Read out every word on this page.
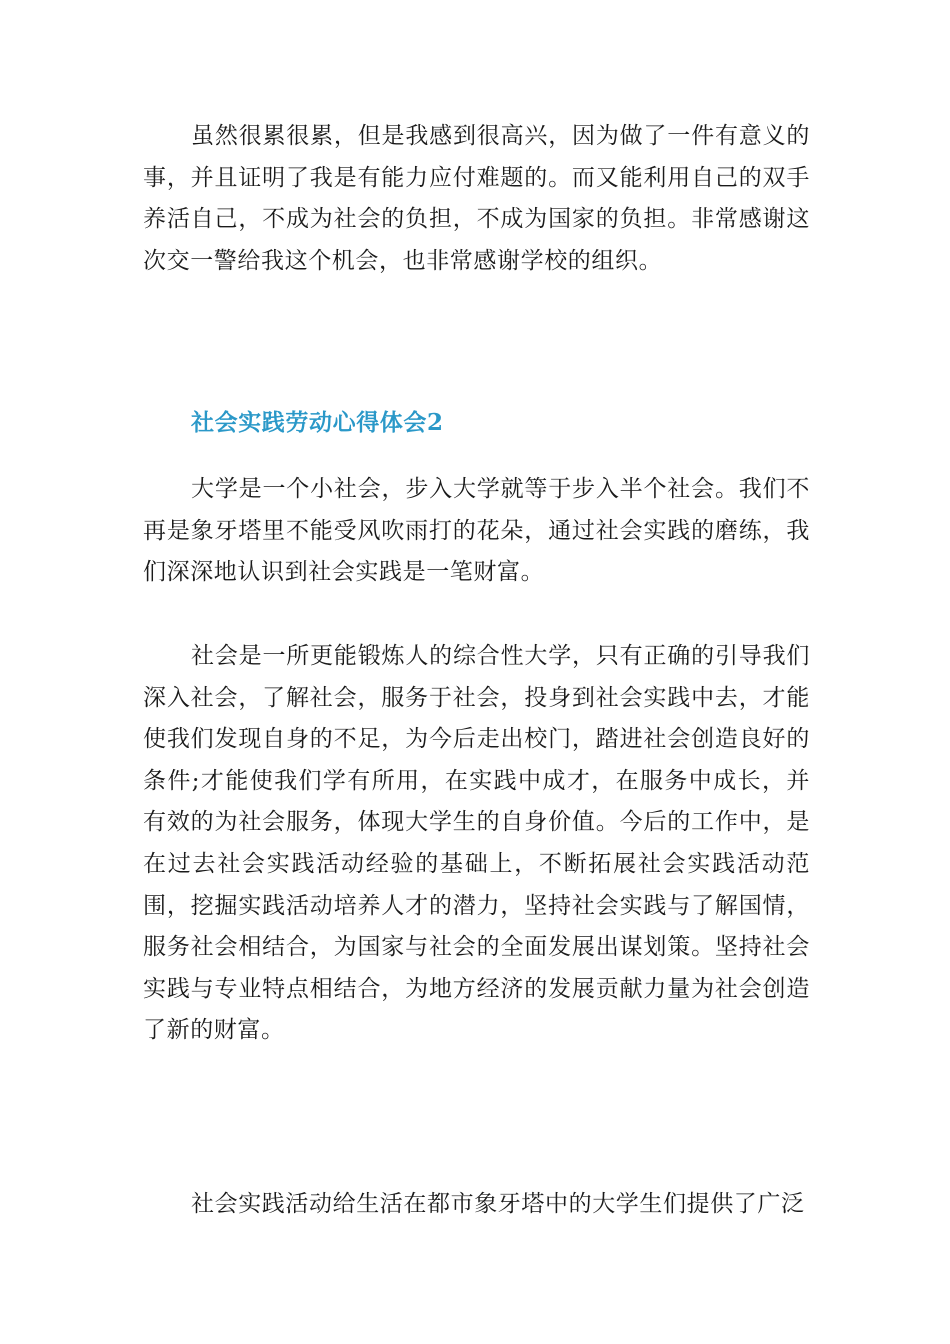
虽然很累很累，但是我感到很高兴，因为做了一件有意义的事，并且证明了我是有能力应付难题的。而又能利用自己的双手养活自己，不成为社会的负担，不成为国家的负担。非常感谢这次交一警给我这个机会，也非常感谢学校的组织。

社会实践劳动心得体会2

大学是一个小社会，步入大学就等于步入半个社会。我们不再是象牙塔里不能受风吹雨打的花朵，通过社会实践的磨练，我们深深地认识到社会实践是一笔财富。

社会是一所更能锻炼人的综合性大学，只有正确的引导我们深入社会，了解社会，服务于社会，投身到社会实践中去，才能使我们发现自身的不足，为今后走出校门，踏进社会创造良好的条件;才能使我们学有所用，在实践中成才，在服务中成长，并有效的为社会服务，体现大学生的自身价值。今后的工作中，是在过去社会实践活动经验的基础上，不断拓展社会实践活动范围，挖掘实践活动培养人才的潜力，坚持社会实践与了解国情，服务社会相结合，为国家与社会的全面发展出谋划策。坚持社会实践与专业特点相结合，为地方经济的发展贡献力量为社会创造了新的财富。

社会实践活动给生活在都市象牙塔中的大学生们提供了广泛
